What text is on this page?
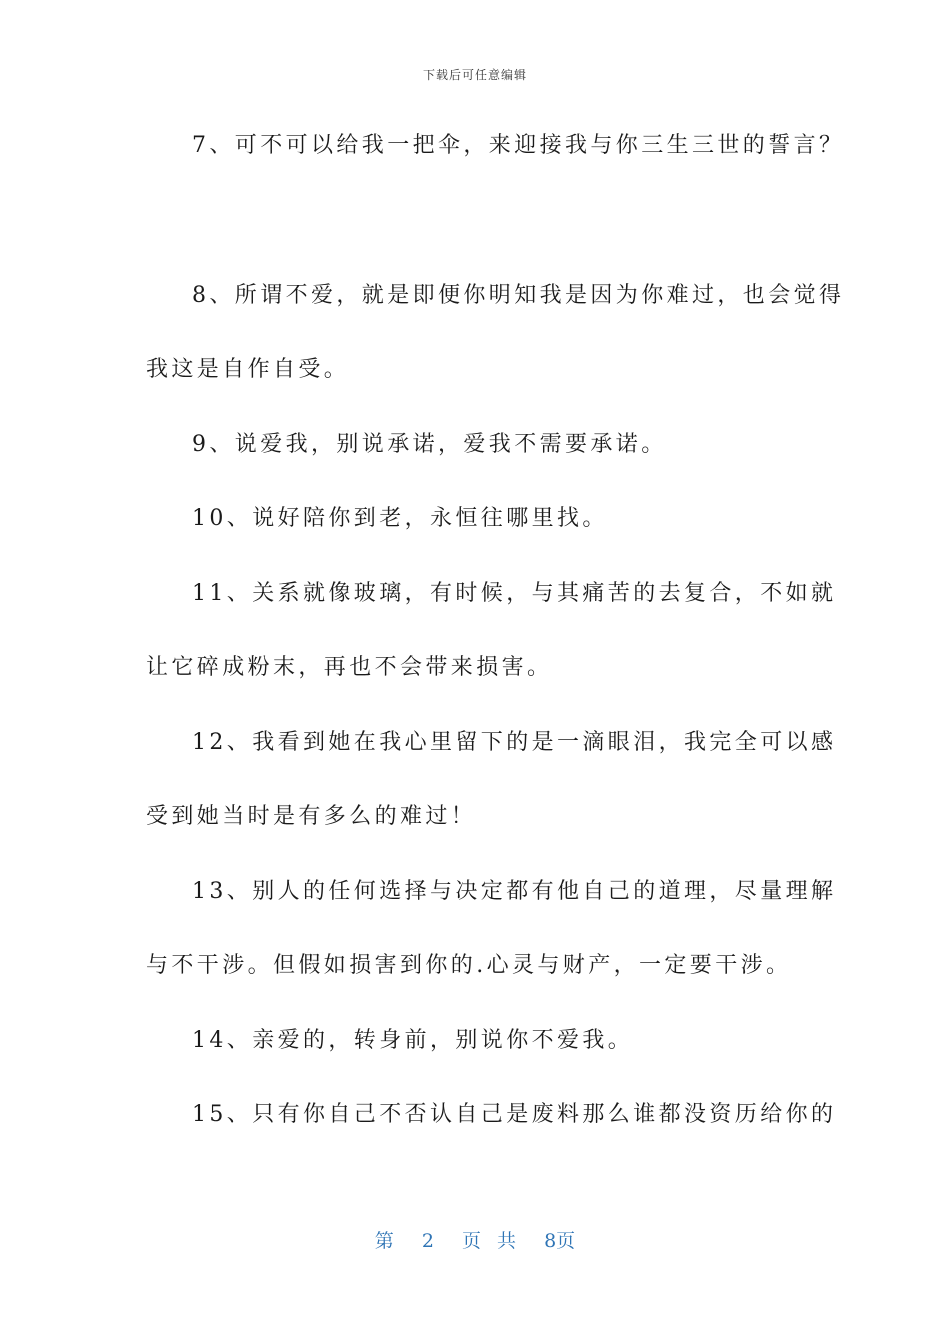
下载后可任意编辑
7、可不可以给我一把伞，来迎接我与你三生三世的誓言？
8、所谓不爱，就是即便你明知我是因为你难过，也会觉得
我这是自作自受。
9、说爱我，别说承诺，爱我不需要承诺。
10、说好陪你到老，永恒往哪里找。
11、关系就像玻璃，有时候，与其痛苦的去复合，不如就
让它碎成粉末，再也不会带来损害。
12、我看到她在我心里留下的是一滴眼泪，我完全可以感
受到她当时是有多么的难过！
13、别人的任何选择与决定都有他自己的道理，尽量理解
与不干涉。但假如损害到你的.心灵与财产，一定要干涉。
14、亲爱的，转身前，别说你不爱我。
15、只有你自己不否认自己是废料那么谁都没资历给你的
第 2 页 共 8页
